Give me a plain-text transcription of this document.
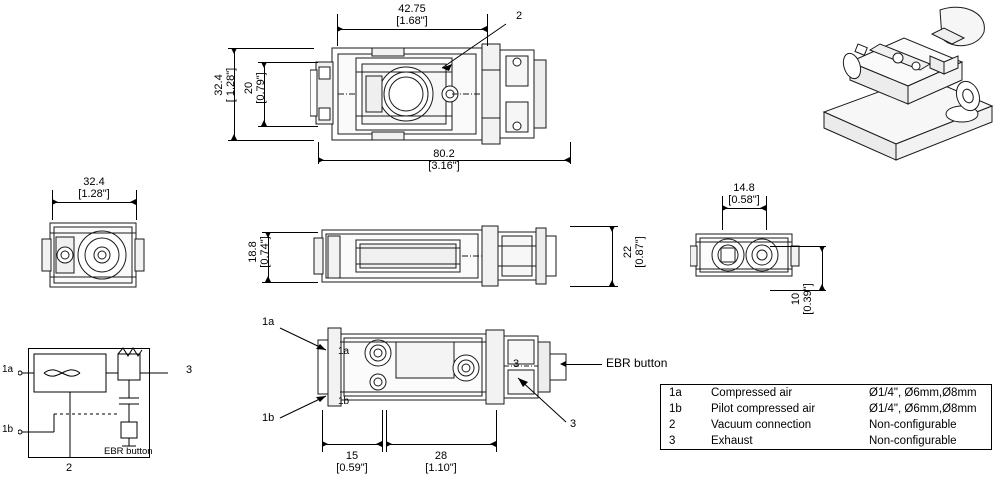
42.75
[1.68"]
32.4 [ 1.28"] 20 [0.79"]
80.2
[3.16"]
2
32.4
[1.28"]
18.8 [0.74"]	22 [0.87"]
14.8
[0.58"]
10 [0.39"]
1a
1b
1a
1b
3
3
EBR button
15
[0.59"]
28
[1.10"]
1a
1b
3
2
EBR button
1a	Compressed air	Ø1/4", Ø6mm,Ø8mm
1b	Pilot compressed air	Ø1/4", Ø6mm,Ø8mm
2	Vacuum connection	Non-configurable
3	Exhaust	Non-configurable
